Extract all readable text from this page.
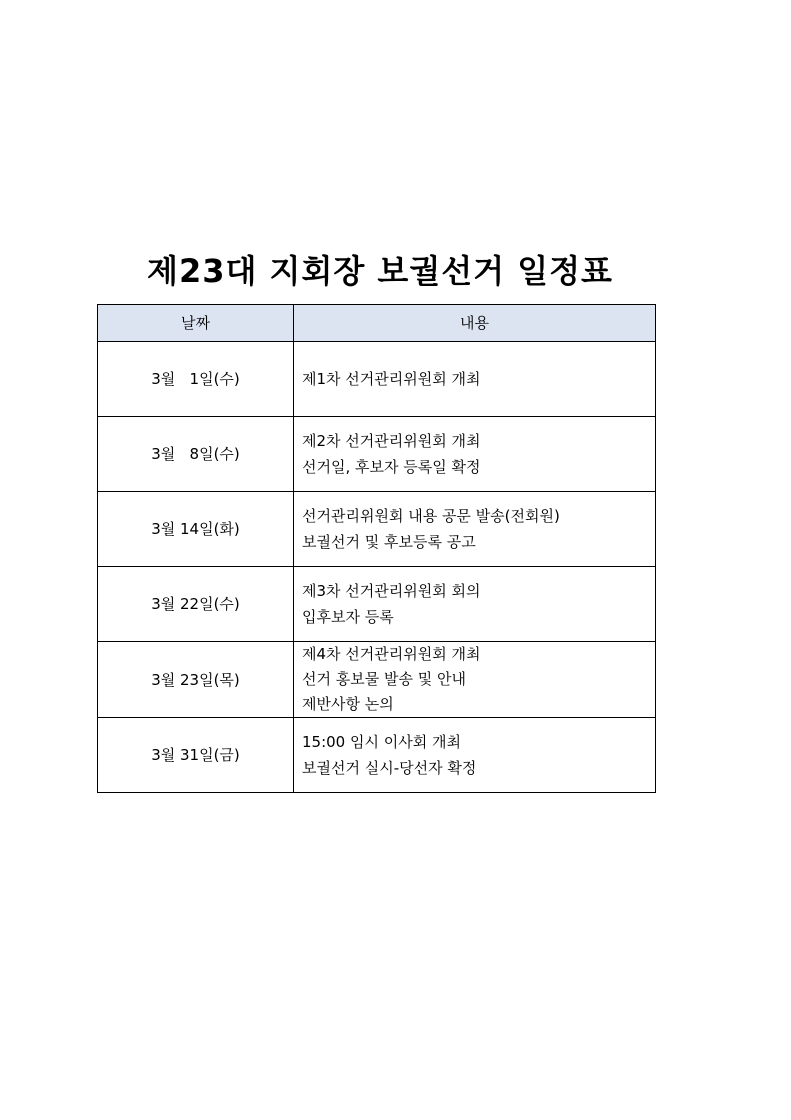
제23대 지회장 보궐선거 일정표
날짜	내용

3월   1일(수)	제1차 선거관리위원회 개최

3월   8일(수)	제2차 선거관리위원회 개최
선거일, 후보자 등록일 확정

3월 14일(화)	선거관리위원회 내용 공문 발송(전회원)
보궐선거 및 후보등록 공고

3월 22일(수)	제3차 선거관리위원회 회의
입후보자 등록

3월 23일(목)	제4차 선거관리위원회 개최
선거 홍보물 발송 및 안내
제반사항 논의

3월 31일(금)	15:00 임시 이사회 개최
보궐선거 실시-당선자 확정
